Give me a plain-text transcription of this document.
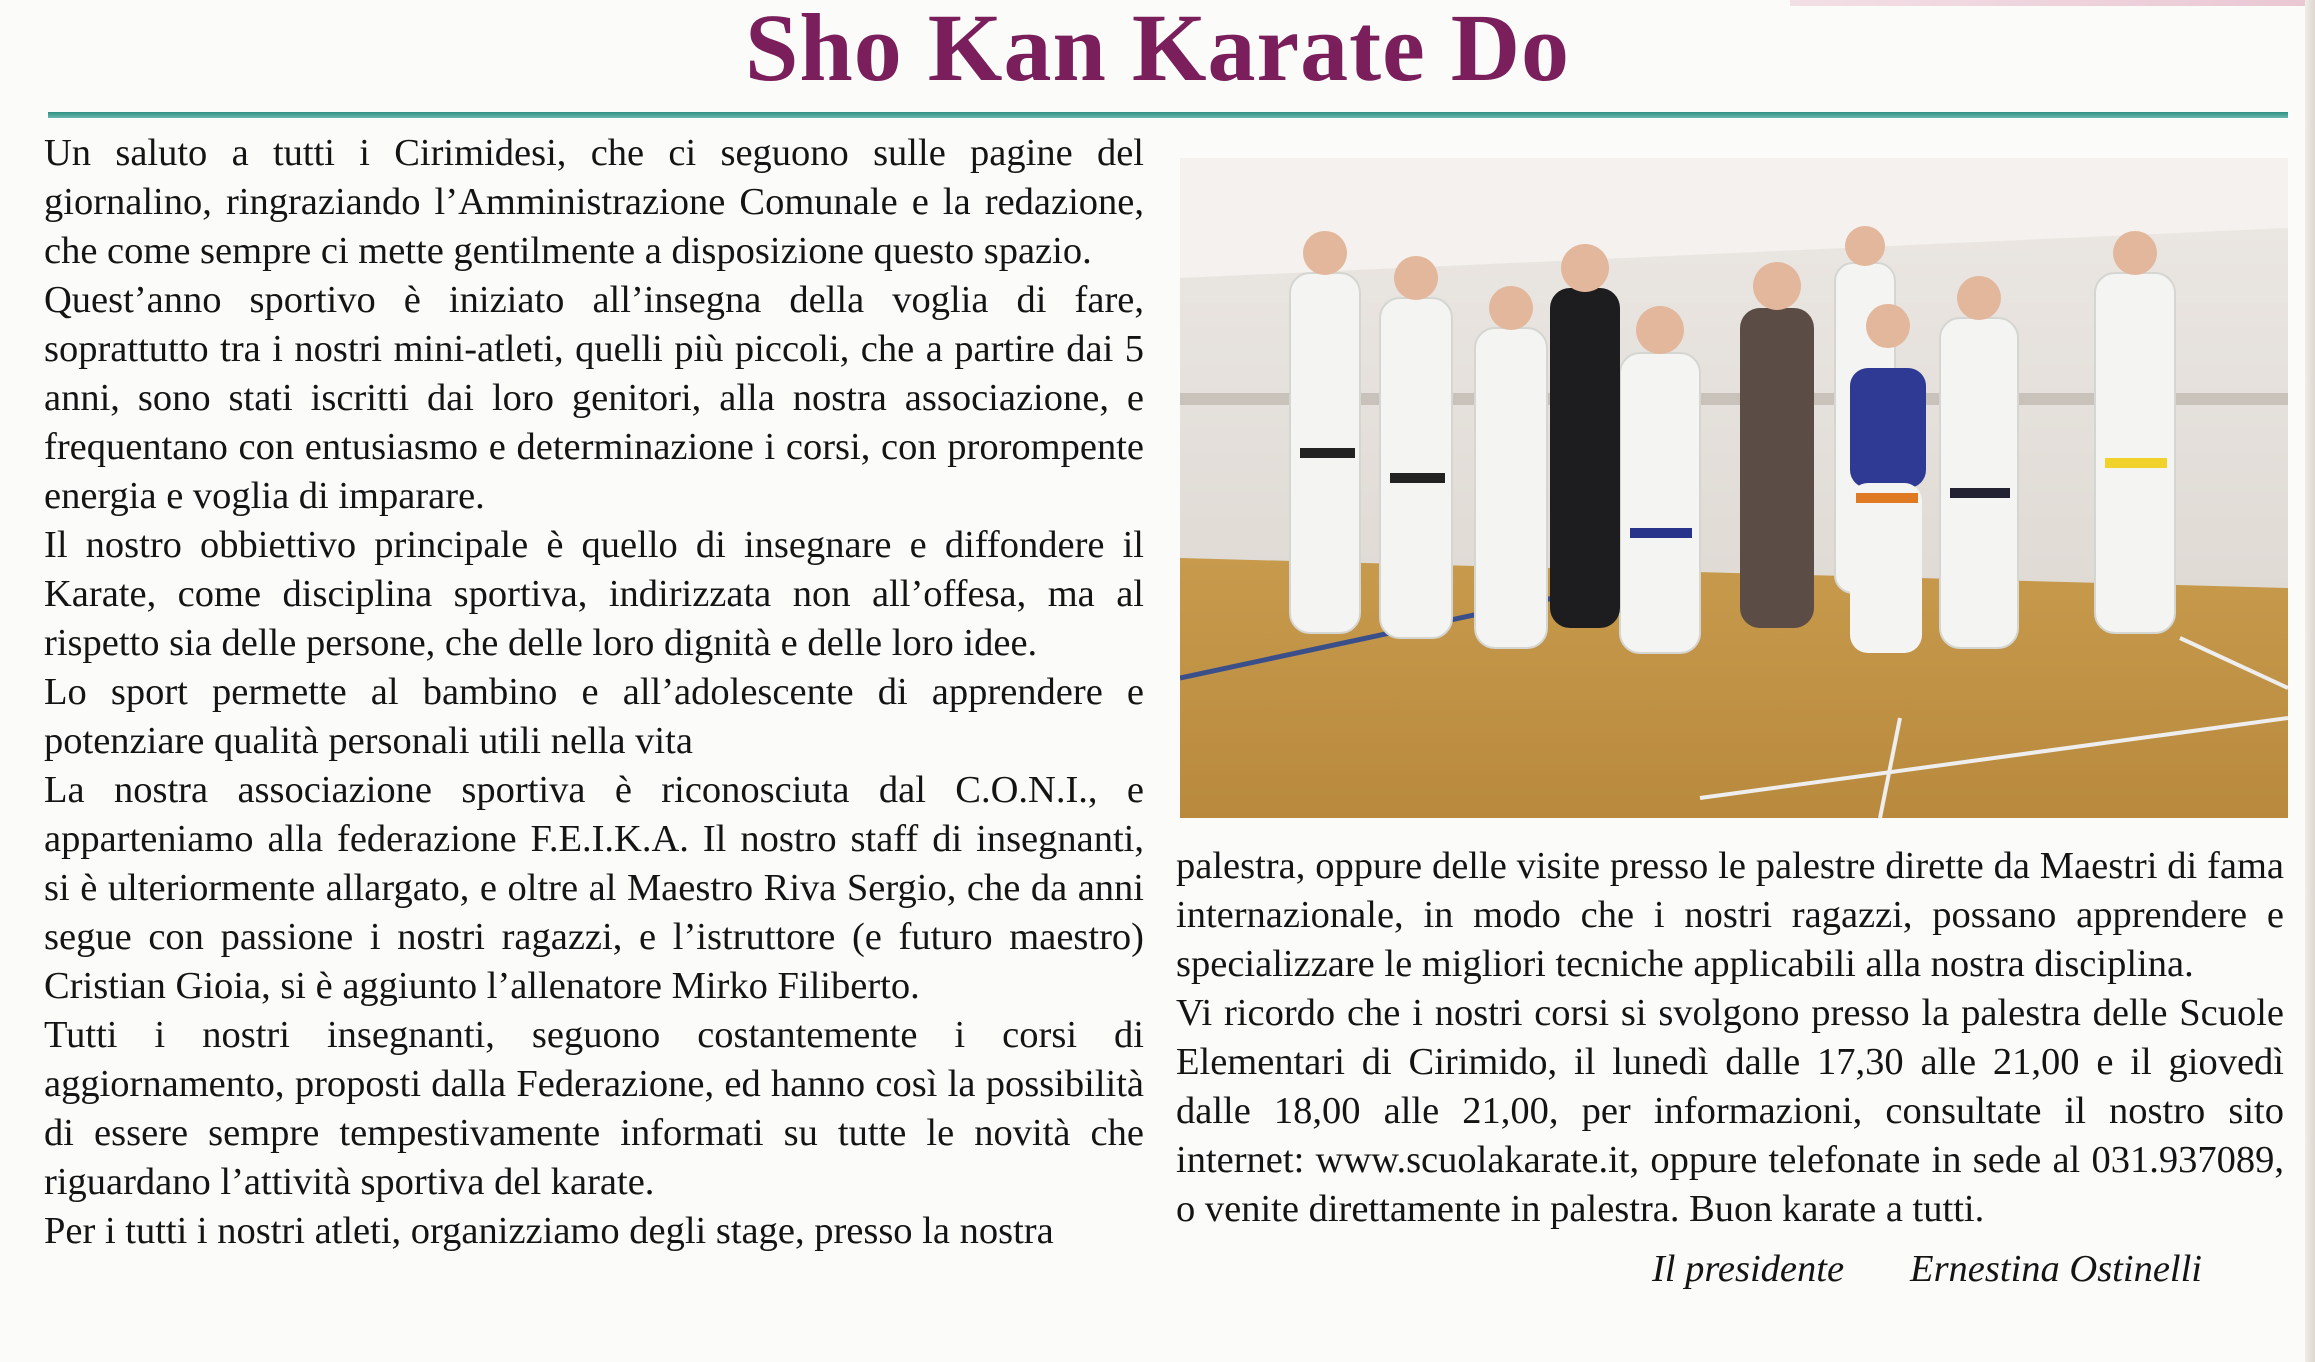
Sho Kan Karate Do

Un saluto a tutti i Cirimidesi, che ci seguono sulle pagine del giornalino, ringraziando l’Amministrazione Comunale e la redazione, che come sempre ci mette gentilmente a disposizione questo spazio.

Quest’anno sportivo è iniziato all’insegna della voglia di fare, soprattutto tra i nostri mini-atleti, quelli più piccoli, che a partire dai 5 anni, sono stati iscritti dai loro genitori, alla nostra associazione, e frequentano con entusiasmo e determinazione i corsi, con prorompente energia e voglia di imparare.

Il nostro obbiettivo principale è quello di insegnare e diffondere il Karate, come disciplina sportiva, indirizzata non all’offesa, ma al rispetto sia delle persone, che delle loro dignità e delle loro idee.

Lo sport permette al bambino e all’adolescente di apprendere e potenziare qualità personali utili nella vita

La nostra associazione sportiva è riconosciuta dal C.O.N.I., e apparteniamo alla federazione F.E.I.K.A. Il nostro staff di insegnanti, si è ulteriormente allargato, e oltre al Maestro Riva Sergio, che da anni segue con passione i nostri ragazzi, e l’istruttore (e futuro maestro) Cristian Gioia, si è aggiunto l’allenatore Mirko Filiberto.

Tutti i nostri insegnanti, seguono costantemente i corsi di aggiornamento, proposti dalla Federazione, ed hanno così la possibilità di essere sempre tempestivamente informati su tutte le novità che riguardano l’attività sportiva del karate.

Per i tutti i nostri atleti, organizziamo degli stage, presso la nostra

palestra, oppure delle visite presso le palestre dirette da Maestri di fama internazionale, in modo che i nostri ragazzi, possano apprendere e specializzare le migliori tecniche applicabili alla nostra disciplina.

Vi ricordo che i nostri corsi si svolgono presso la palestra delle Scuole Elementari di Cirimido, il lunedì dalle 17,30 alle 21,00 e il giovedì dalle 18,00 alle 21,00, per informazioni, consultate il nostro sito internet: www.scuolakarate.it, oppure telefonate in sede al 031.937089, o venite direttamente in palestra. Buon karate a tutti.

Il presidente Ernestina Ostinelli
